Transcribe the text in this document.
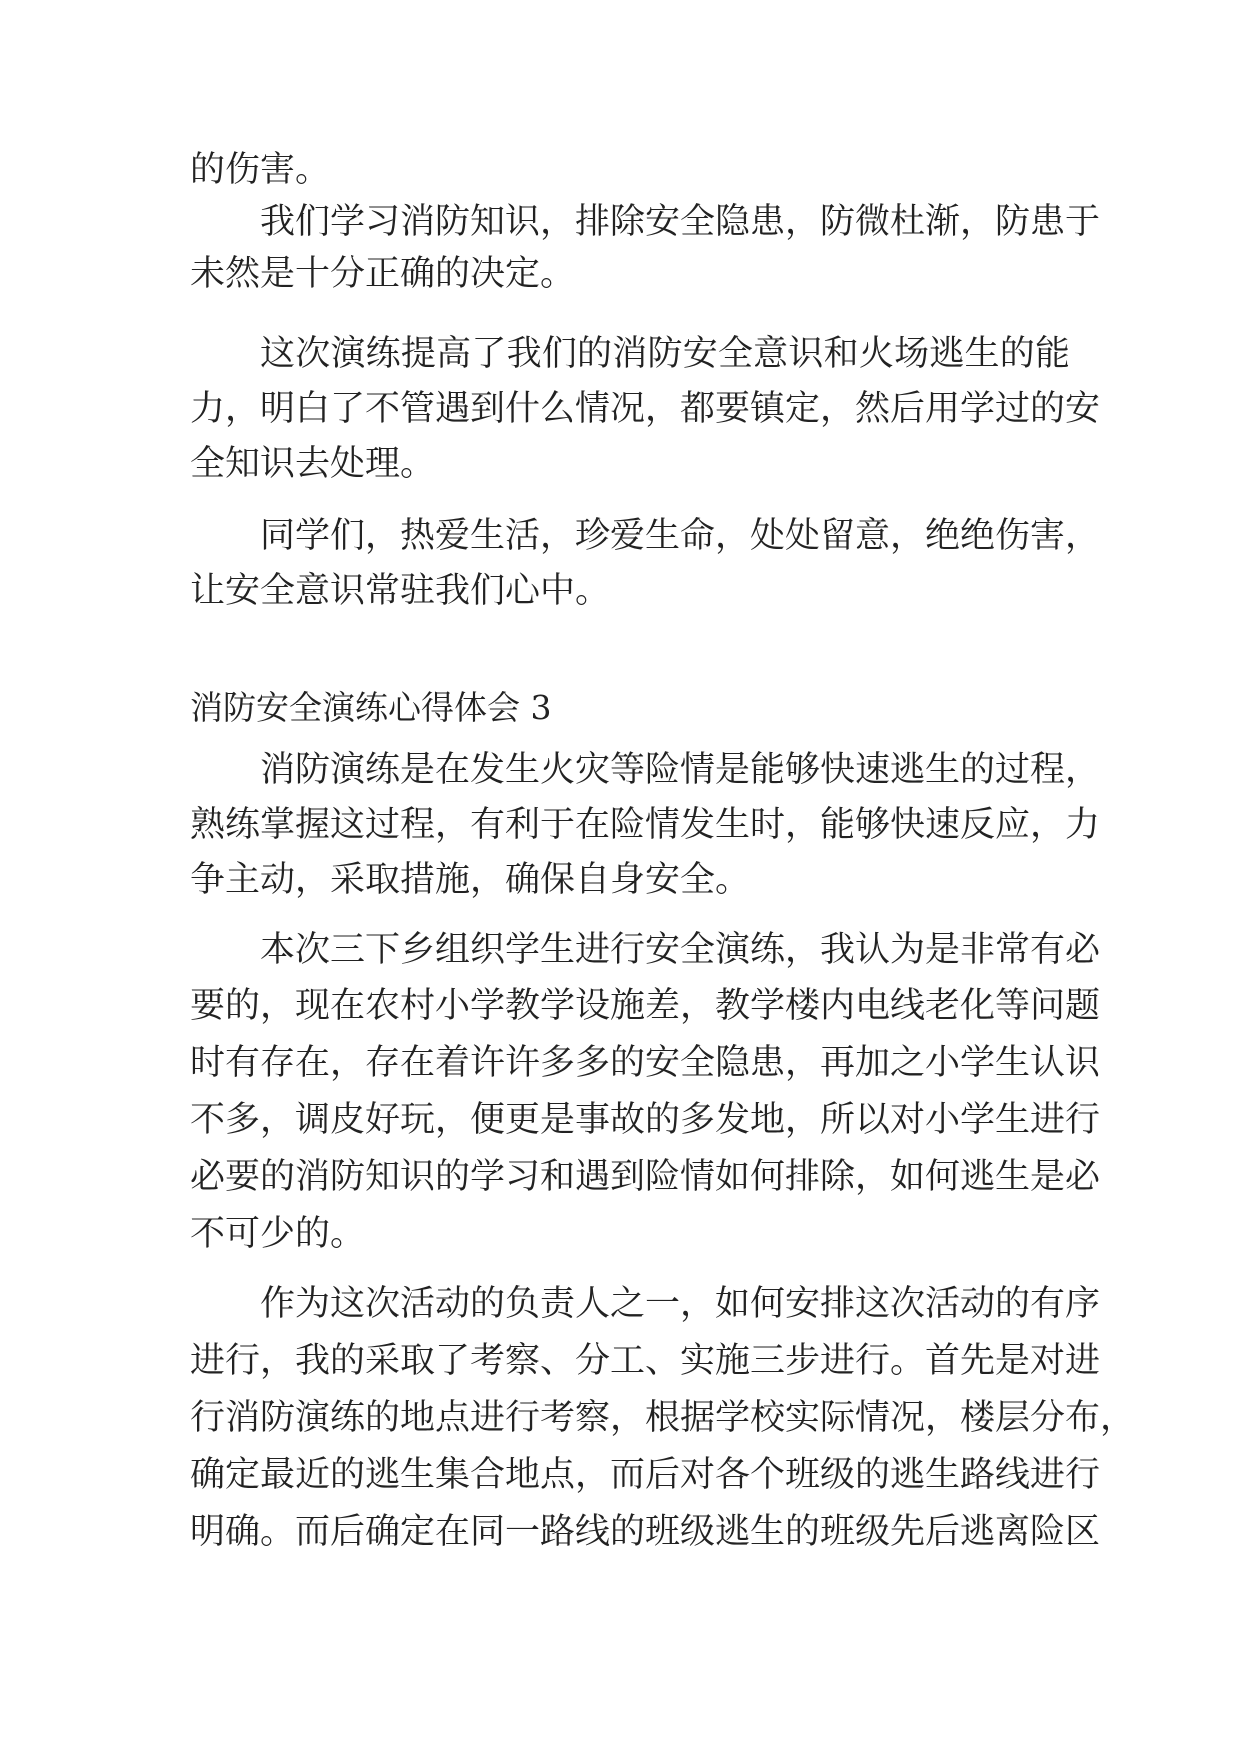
的伤害。
我们学习消防知识，排除安全隐患，防微杜渐，防患于
未然是十分正确的决定。
这次演练提高了我们的消防安全意识和火场逃生的能
力，明白了不管遇到什么情况，都要镇定，然后用学过的安
全知识去处理。
同学们，热爱生活，珍爱生命，处处留意，绝绝伤害，
让安全意识常驻我们心中。
消防安全演练心得体会 3
消防演练是在发生火灾等险情是能够快速逃生的过程，
熟练掌握这过程，有利于在险情发生时，能够快速反应，力
争主动，采取措施，确保自身安全。
本次三下乡组织学生进行安全演练，我认为是非常有必
要的，现在农村小学教学设施差，教学楼内电线老化等问题
时有存在，存在着许许多多的安全隐患，再加之小学生认识
不多，调皮好玩，便更是事故的多发地，所以对小学生进行
必要的消防知识的学习和遇到险情如何排除，如何逃生是必
不可少的。
作为这次活动的负责人之一，如何安排这次活动的有序
进行，我的采取了考察、分工、实施三步进行。首先是对进
行消防演练的地点进行考察，根据学校实际情况，楼层分布，
确定最近的逃生集合地点，而后对各个班级的逃生路线进行
明确。而后确定在同一路线的班级逃生的班级先后逃离险区
